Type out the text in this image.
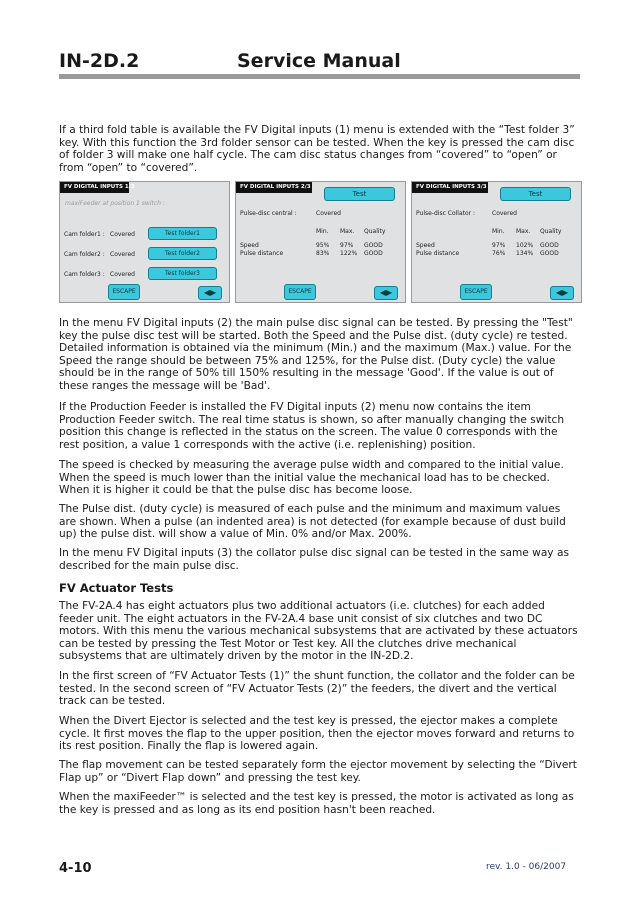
IN-2D.2	Service Manual

If a third fold table is available the FV Digital inputs (1) menu is extended with the “Test folder 3” key. With this function the 3rd folder sensor can be tested. When the key is pressed the cam disc of folder 3 will make one half cycle. The cam disc status changes from “covered” to “open” or from “open” to “covered”.

FV DIGITAL INPUTS 1/3
maxiFeeder at position 1 switch :
Cam folder1 : Covered	Test folder1
Cam folder2 : Covered	Test folder2
Cam folder3 : Covered	Test folder3
ESCAPE	◀▶
FV DIGITAL INPUTS 2/3
Test
Pulse-disc central :	Covered
Min. Max. Quality
Speed	95% 97% GOOD
Pulse distance	83% 122% GOOD
ESCAPE	◀▶
FV DIGITAL INPUTS 3/3
Test
Pulse-disc Collator :	Covered
Min. Max. Quality
Speed	97% 102% GOOD
Pulse distance	76% 134% GOOD
ESCAPE	◀▶

In the menu FV Digital inputs (2) the main pulse disc signal can be tested. By pressing the "Test" key the pulse disc test will be started. Both the Speed and the Pulse dist. (duty cycle) re tested. Detailed information is obtained via the minimum (Min.) and the maximum (Max.) value. For the Speed the range should be between 75% and 125%, for the Pulse dist. (Duty cycle) the value should be in the range of 50% till 150% resulting in the message 'Good'. If the value is out of these ranges the message will be 'Bad'.

If the Production Feeder is installed the FV Digital inputs (2) menu now contains the item Production Feeder switch. The real time status is shown, so after manually changing the switch position this change is reflected in the status on the screen. The value 0 corresponds with the rest position, a value 1 corresponds with the active (i.e. replenishing) position.

The speed is checked by measuring the average pulse width and compared to the initial value. When the speed is much lower than the initial value the mechanical load has to be checked. When it is higher it could be that the pulse disc has become loose.

The Pulse dist. (duty cycle) is measured of each pulse and the minimum and maximum values are shown. When a pulse (an indented area) is not detected (for example because of dust build up) the pulse dist. will show a value of Min. 0% and/or Max. 200%.

In the menu FV Digital inputs (3) the collator pulse disc signal can be tested in the same way as described for the main pulse disc.

FV Actuator Tests

The FV-2A.4 has eight actuators plus two additional actuators (i.e. clutches) for each added feeder unit. The eight actuators in the FV-2A.4 base unit consist of six clutches and two DC motors. With this menu the various mechanical subsystems that are activated by these actuators can be tested by pressing the Test Motor or Test key. All the clutches drive mechanical subsystems that are ultimately driven by the motor in the IN-2D.2.

In the first screen of “FV Actuator Tests (1)” the shunt function, the collator and the folder can be tested. In the second screen of “FV Actuator Tests (2)” the feeders, the divert and the vertical track can be tested.

When the Divert Ejector is selected and the test key is pressed, the ejector makes a complete cycle. It first moves the flap to the upper position, then the ejector moves forward and returns to its rest position. Finally the flap is lowered again.

The flap movement can be tested separately form the ejector movement by selecting the “Divert Flap up” or “Divert Flap down” and pressing the test key.

When the maxiFeeder™ is selected and the test key is pressed, the motor is activated as long as the key is pressed and as long as its end position hasn't been reached.

4-10	rev. 1.0 - 06/2007
